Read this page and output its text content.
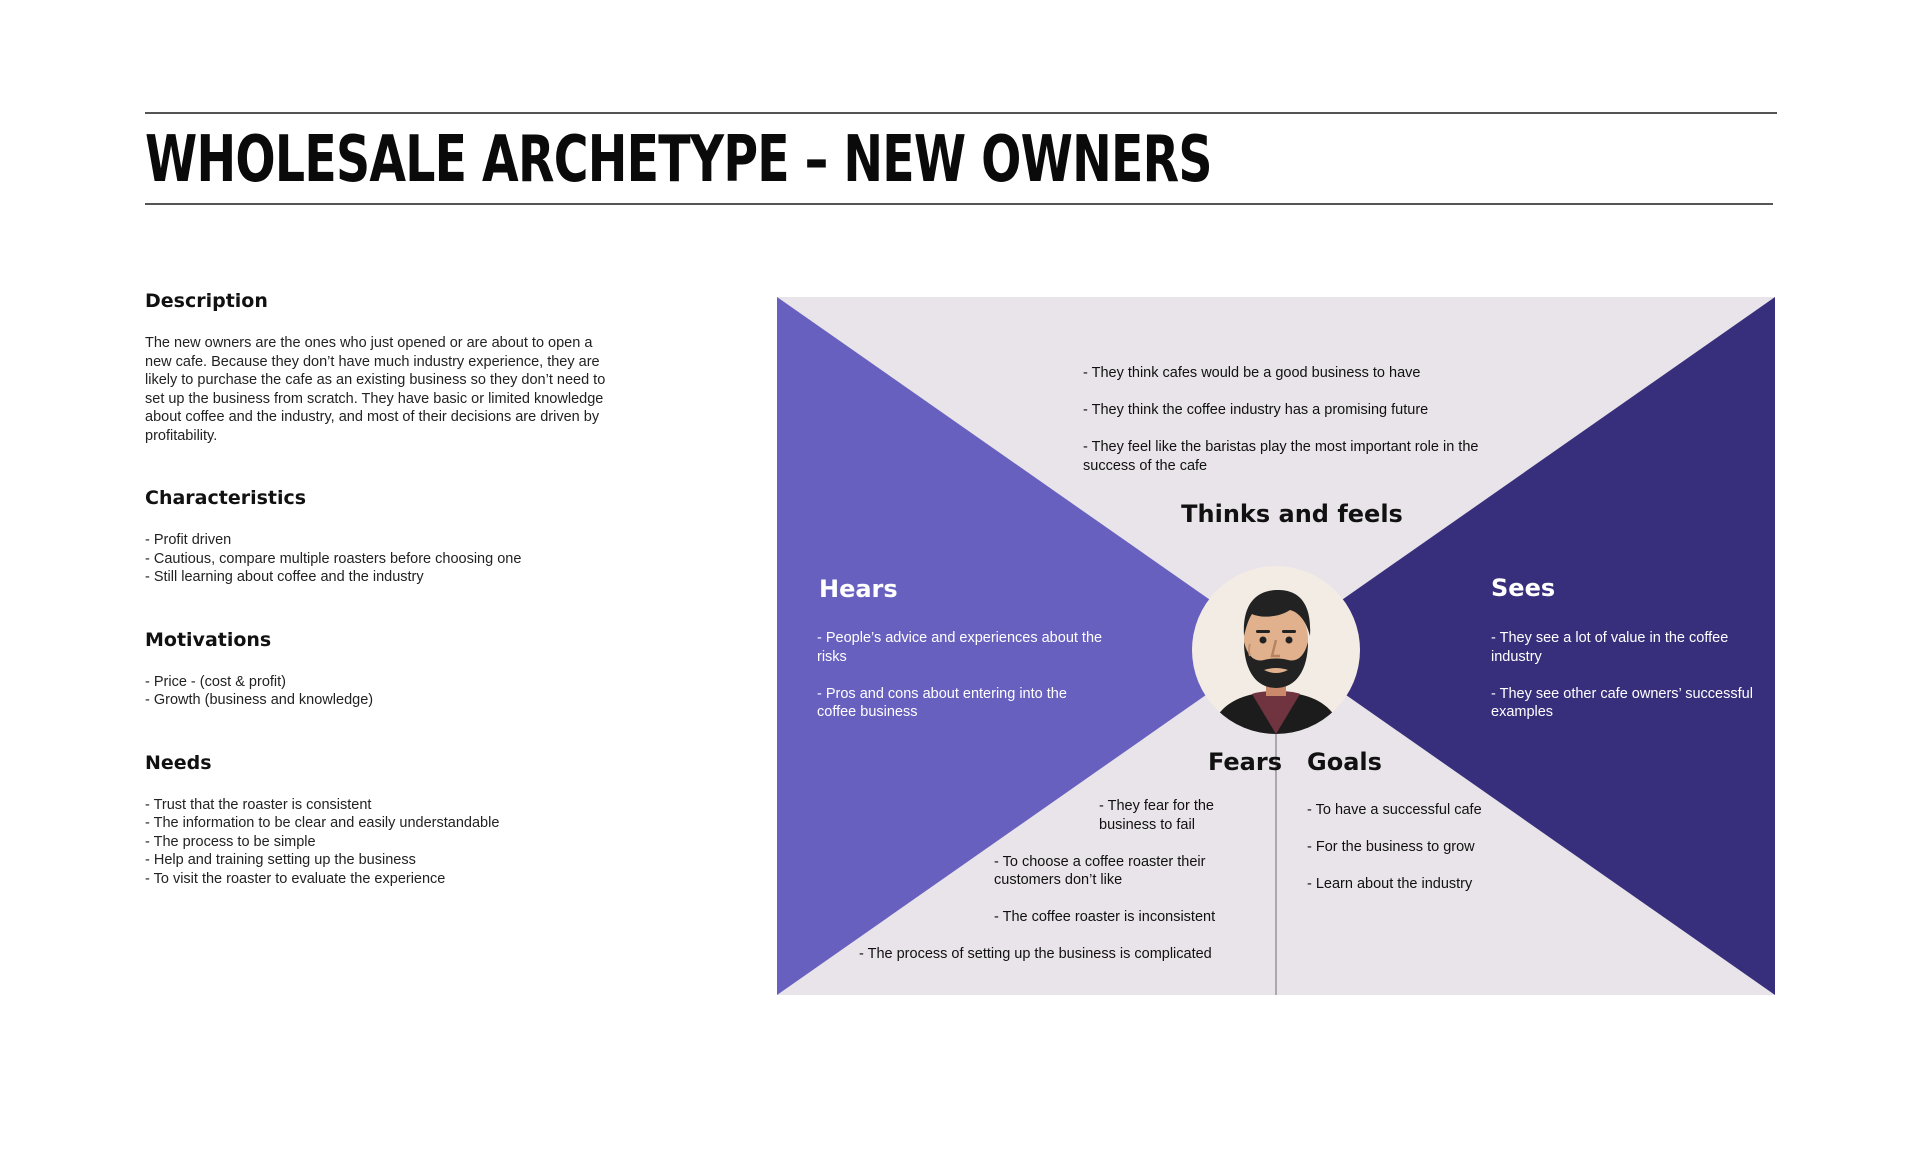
WHOLESALE ARCHETYPE – NEW OWNERS
Description

The new owners are the ones who just opened or are about to open a new cafe. Because they don’t have much industry experience, they are likely to purchase the cafe as an existing business so they don’t need to set up the business from scratch. They have basic or limited knowledge about coffee and the industry, and most of their decisions are driven by profitability.

Characteristics
- Profit driven
- Cautious, compare multiple roasters before choosing one
- Still learning about coffee and the industry
Motivations
- Price - (cost & profit)
- Growth (business and knowledge)
Needs
- Trust that the roaster is consistent
- The information to be clear and easily understandable
- The process to be simple
- Help and training setting up the business
- To visit the roaster to evaluate the experience
- They think cafes would be a good business to have
- They think the coffee industry has a promising future
- They feel like the baristas play the most important role in the success of the cafe
Thinks and feels
Hears
- People’s advice and experiences about the risks
- Pros and cons about entering into the coffee business
Sees
- They see a lot of value in the coffee industry
- They see other cafe owners’ successful examples
Fears
- They fear for the business to fail
- To choose a coffee roaster their customers don’t like
- The coffee roaster is inconsistent
- The process of setting up the business is complicated
Goals
- To have a successful cafe
- For the business to grow
- Learn about the industry
